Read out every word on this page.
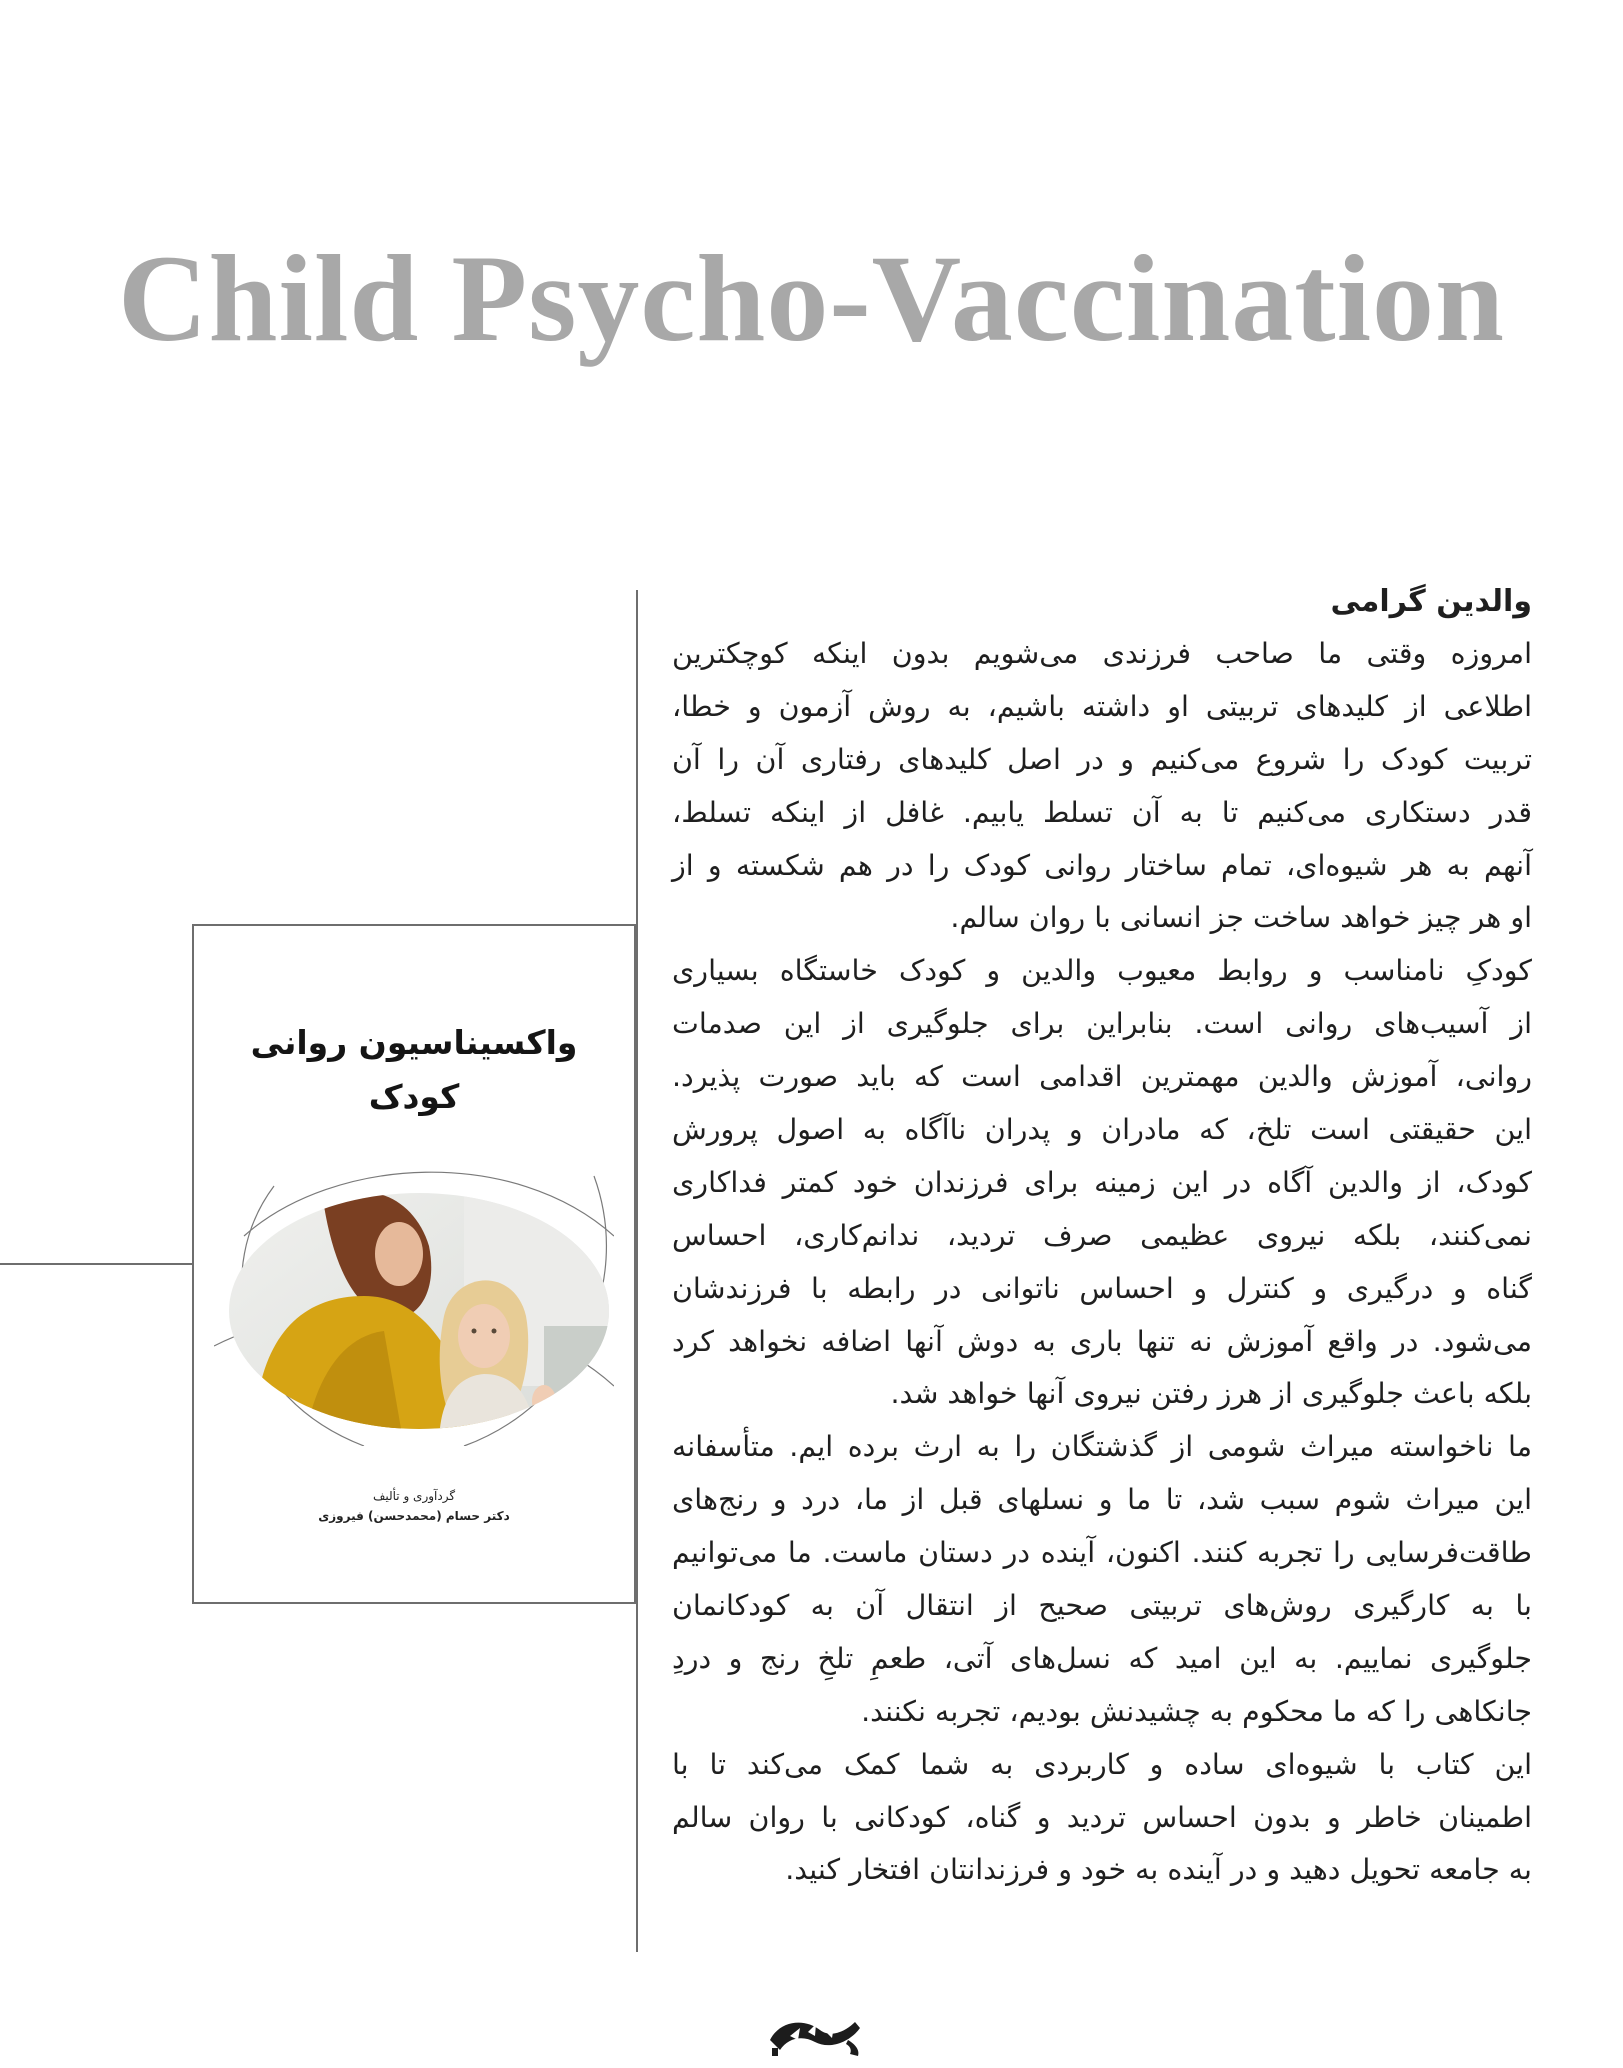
Child Psycho-Vaccination
واکسیناسیون روانی
کودک
گردآوری و تألیف
دکتر حسام (محمدحسن) فیروزی
والدین گرامی
امروزه وقتی ما صاحب فرزندی می‌شویم بدون اینکه کوچکترین
اطلاعی از کلیدهای تربیتی او داشته باشیم، به روش آزمون و خطا،
تربیت کودک را شروع می‌کنیم و در اصل کلیدهای رفتاری آن را آن
قدر دستکاری می‌کنیم تا به آن تسلط یابیم. غافل از اینکه تسلط،
آنهم به هر شیوه‌ای، تمام ساختار روانی کودک را در هم شکسته و از
او هر چیز خواهد ساخت جز انسانی با روان سالم.
کودکِ نامناسب و روابط معیوب والدین و کودک خاستگاه بسیاری
از آسیب‌های روانی است. بنابراین برای جلوگیری از این صدمات
روانی، آموزش والدین مهمترین اقدامی است که باید صورت پذیرد.
این حقیقتی است تلخ، که مادران و پدران ناآگاه به اصول پرورش
کودک، از والدین آگاه در این زمینه برای فرزندان خود کمتر فداکاری
نمی‌کنند، بلکه نیروی عظیمی صرف تردید، ندانم‌کاری، احساس
گناه و درگیری و کنترل و احساس ناتوانی در رابطه با فرزندشان
می‌شود. در واقع آموزش نه تنها باری به دوش آنها اضافه نخواهد کرد
بلکه باعث جلوگیری از هرز رفتن نیروی آنها خواهد شد.
ما ناخواسته میراث شومی از گذشتگان را به ارث برده ایم. متأسفانه
این میراث شوم سبب شد، تا ما و نسلهای قبل از ما، درد و رنج‌های
طاقت‌فرسایی را تجربه کنند. اکنون، آینده در دستان ماست. ما می‌توانیم
با به کارگیری روش‌های تربیتی صحیح از انتقال آن به کودکانمان
جلوگیری نماییم. به این امید که نسل‌های آتی، طعمِ تلخِ رنج و دردِ
جانکاهی را که ما محکوم به چشیدنش بودیم، تجربه نکنند.
این کتاب با شیوه‌ای ساده و کاربردی به شما کمک می‌کند تا با
اطمینان خاطر و بدون احساس تردید و گناه، کودکانی با روان سالم
به جامعه تحویل دهید و در آینده به خود و فرزندانتان افتخار کنید.
